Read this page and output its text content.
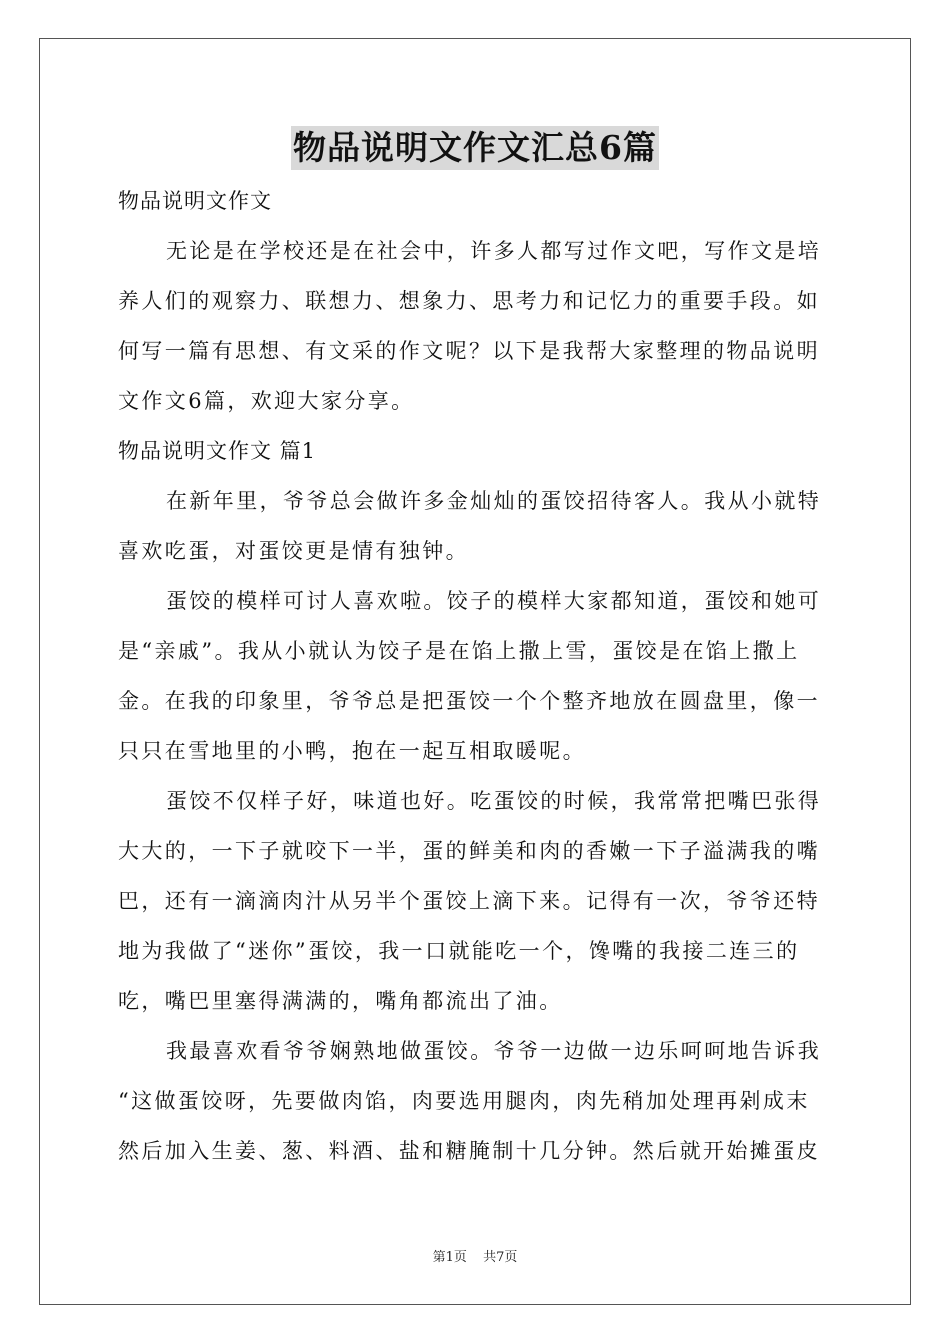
物品说明文作文汇总6篇
物品说明文作文
无论是在学校还是在社会中，许多人都写过作文吧，写作文是培
养人们的观察力、联想力、想象力、思考力和记忆力的重要手段。如
何写一篇有思想、有文采的作文呢？以下是我帮大家整理的物品说明
文作文6篇，欢迎大家分享。
物品说明文作文 篇1
在新年里，爷爷总会做许多金灿灿的蛋饺招待客人。我从小就特
喜欢吃蛋，对蛋饺更是情有独钟。
蛋饺的模样可讨人喜欢啦。饺子的模样大家都知道，蛋饺和她可
是“亲戚”。我从小就认为饺子是在馅上撒上雪，蛋饺是在馅上撒上
金。在我的印象里，爷爷总是把蛋饺一个个整齐地放在圆盘里，像一
只只在雪地里的小鸭，抱在一起互相取暖呢。
蛋饺不仅样子好，味道也好。吃蛋饺的时候，我常常把嘴巴张得
大大的，一下子就咬下一半，蛋的鲜美和肉的香嫩一下子溢满我的嘴
巴，还有一滴滴肉汁从另半个蛋饺上滴下来。记得有一次，爷爷还特
地为我做了“迷你”蛋饺，我一口就能吃一个，馋嘴的我接二连三的
吃，嘴巴里塞得满满的，嘴角都流出了油。
我最喜欢看爷爷娴熟地做蛋饺。爷爷一边做一边乐呵呵地告诉我
“这做蛋饺呀，先要做肉馅，肉要选用腿肉，肉先稍加处理再剁成末
然后加入生姜、葱、料酒、盐和糖腌制十几分钟。然后就开始摊蛋皮
第1页 共7页
